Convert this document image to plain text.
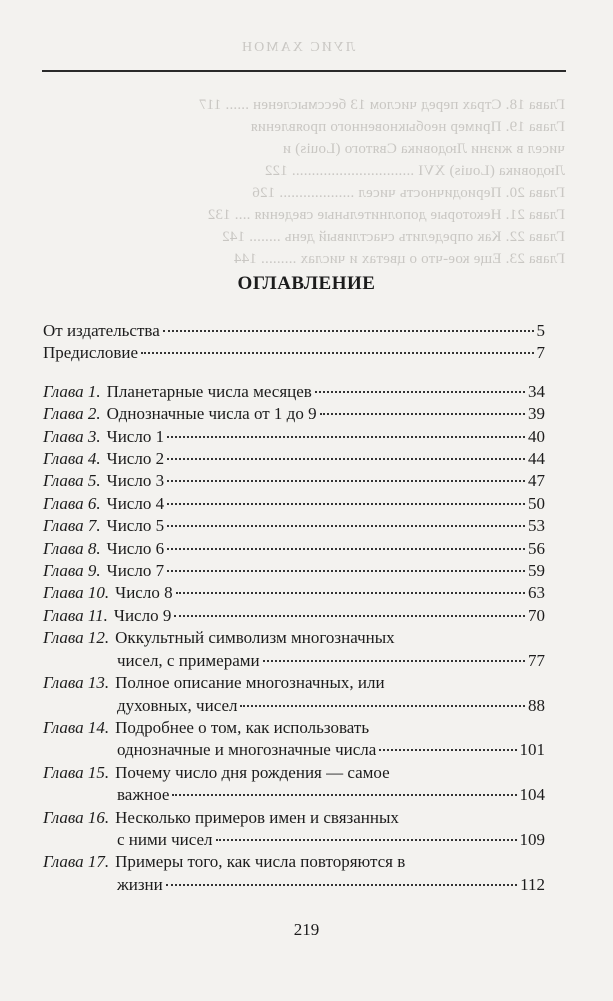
ЛУИС ХАМОН
Глава 18. Страх перед числом 13 бессмысленен ...... 117
Глава 19. Пример необыкновенного проявления
чисел в жизни Людовика Святого (Louis) и
Людовика (Louis) XVI ............................... 122
Глава 20. Периодичность чисел ................... 126
Глава 21. Некоторые дополнительные сведения .... 132
Глава 22. Как определить счастливый день ........ 142
Глава 23. Еще кое-что о цветах и числах ......... 144
ОГЛАВЛЕНИЕ
От издательства	5
Предисловие	7
Глава 1. Планетарные числа месяцев	34
Глава 2. Однозначные числа от 1 до 9	39
Глава 3. Число 1	40
Глава 4. Число 2	44
Глава 5. Число 3	47
Глава 6. Число 4	50
Глава 7. Число 5	53
Глава 8. Число 6	56
Глава 9. Число 7	59
Глава 10. Число 8	63
Глава 11. Число 9	70
Глава 12. Оккультный символизм многозначных
чисел, с примерами	77
Глава 13. Полное описание многозначных, или
духовных, чисел	88
Глава 14. Подробнее о том, как использовать
однозначные и многозначные числа	101
Глава 15. Почему число дня рождения — самое
важное	104
Глава 16. Несколько примеров имен и связанных
с ними чисел	109
Глава 17. Примеры того, как числа повторяются в
жизни	112
219
